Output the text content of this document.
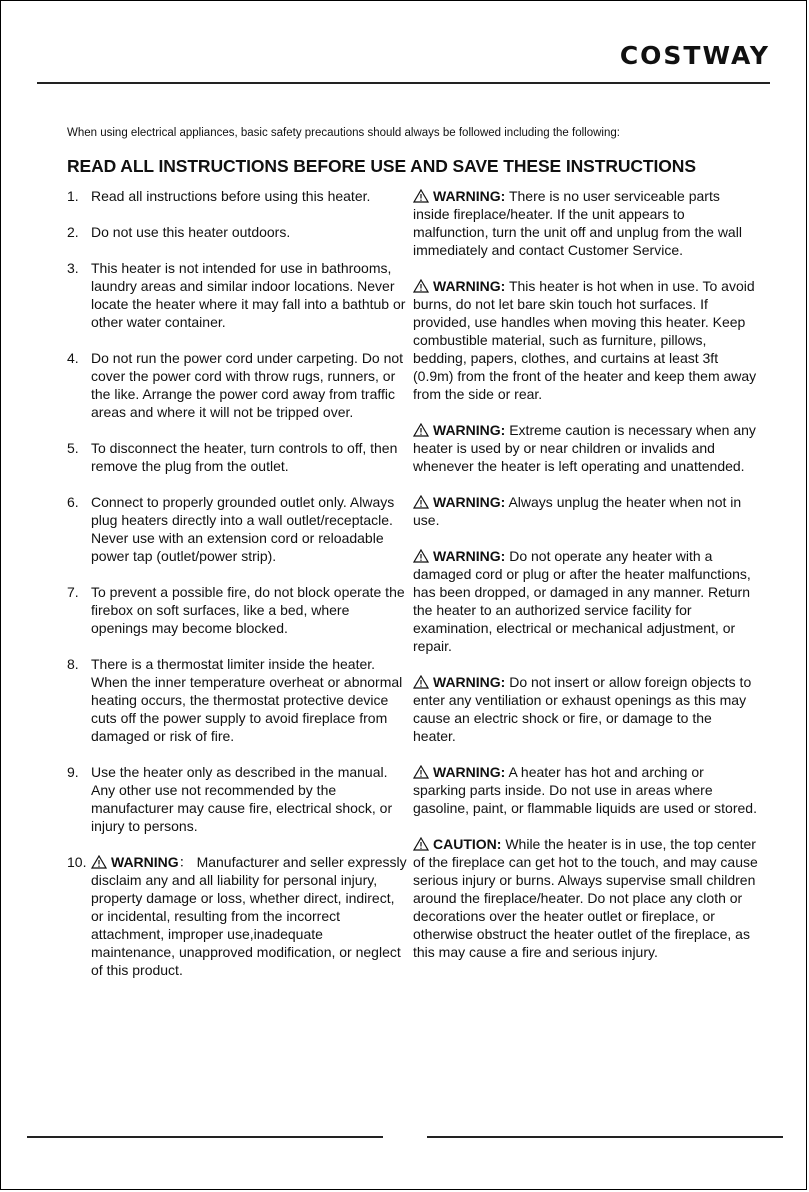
COSTWAY
When using electrical appliances, basic safety precautions should always be followed including the following:
READ ALL INSTRUCTIONS BEFORE USE AND SAVE THESE INSTRUCTIONS
1. Read all instructions before using this heater.
2. Do not use this heater outdoors.
3. This heater is not intended for use in bathrooms, laundry areas and similar indoor locations. Never locate the heater where it may fall into a bathtub or other water container.
4. Do not run the power cord under carpeting. Do not cover the power cord with throw rugs, runners, or the like. Arrange the power cord away from traffic areas and where it will not be tripped over.
5. To disconnect the heater, turn controls to off, then remove the plug from the outlet.
6. Connect to properly grounded outlet only. Always plug heaters directly into a wall outlet/receptacle. Never use with an extension cord or reloadable power tap (outlet/power strip).
7. To prevent a possible fire, do not block operate the firebox on soft surfaces, like a bed, where openings may become blocked.
8. There is a thermostat limiter inside the heater. When the inner temperature overheat or abnormal heating occurs, the thermostat protective device cuts off the power supply to avoid fireplace from damaged or risk of fire.
9. Use the heater only as described in the manual. Any other use not recommended by the manufacturer may cause fire, electrical shock, or injury to persons.
10.	WARNING： Manufacturer and seller expressly disclaim any and all liability for personal injury, property damage or loss, whether direct, indirect, or incidental, resulting from the incorrect attachment, improper use,inadequate maintenance, unapproved modification, or neglect of this product.
WARNING: There is no user serviceable parts inside fireplace/heater. If the unit appears to malfunction, turn the unit off and unplug from the wall immediately and contact Customer Service.
WARNING: This heater is hot when in use. To avoid burns, do not let bare skin touch hot surfaces. If provided, use handles when moving this heater. Keep combustible material, such as furniture, pillows, bedding, papers, clothes, and curtains at least 3ft (0.9m) from the front of the heater and keep them away from the side or rear.
WARNING: Extreme caution is necessary when any heater is used by or near children or invalids and whenever the heater is left operating and unattended.
WARNING: Always unplug the heater when not in use.
WARNING: Do not operate any heater with a damaged cord or plug or after the heater malfunctions, has been dropped, or damaged in any manner. Return the heater to an authorized service facility for examination, electrical or mechanical adjustment, or repair.
WARNING: Do not insert or allow foreign objects to enter any ventiliation or exhaust openings as this may cause an electric shock or fire, or damage to the heater.
WARNING: A heater has hot and arching or sparking parts inside. Do not use in areas where gasoline, paint, or flammable liquids are used or stored.
CAUTION: While the heater is in use, the top center of the fireplace can get hot to the touch, and may cause serious injury or burns. Always supervise small children around the fireplace/heater. Do not place any cloth or decorations over the heater outlet or fireplace, or otherwise obstruct the heater outlet of the fireplace, as this may cause a fire and serious injury.
